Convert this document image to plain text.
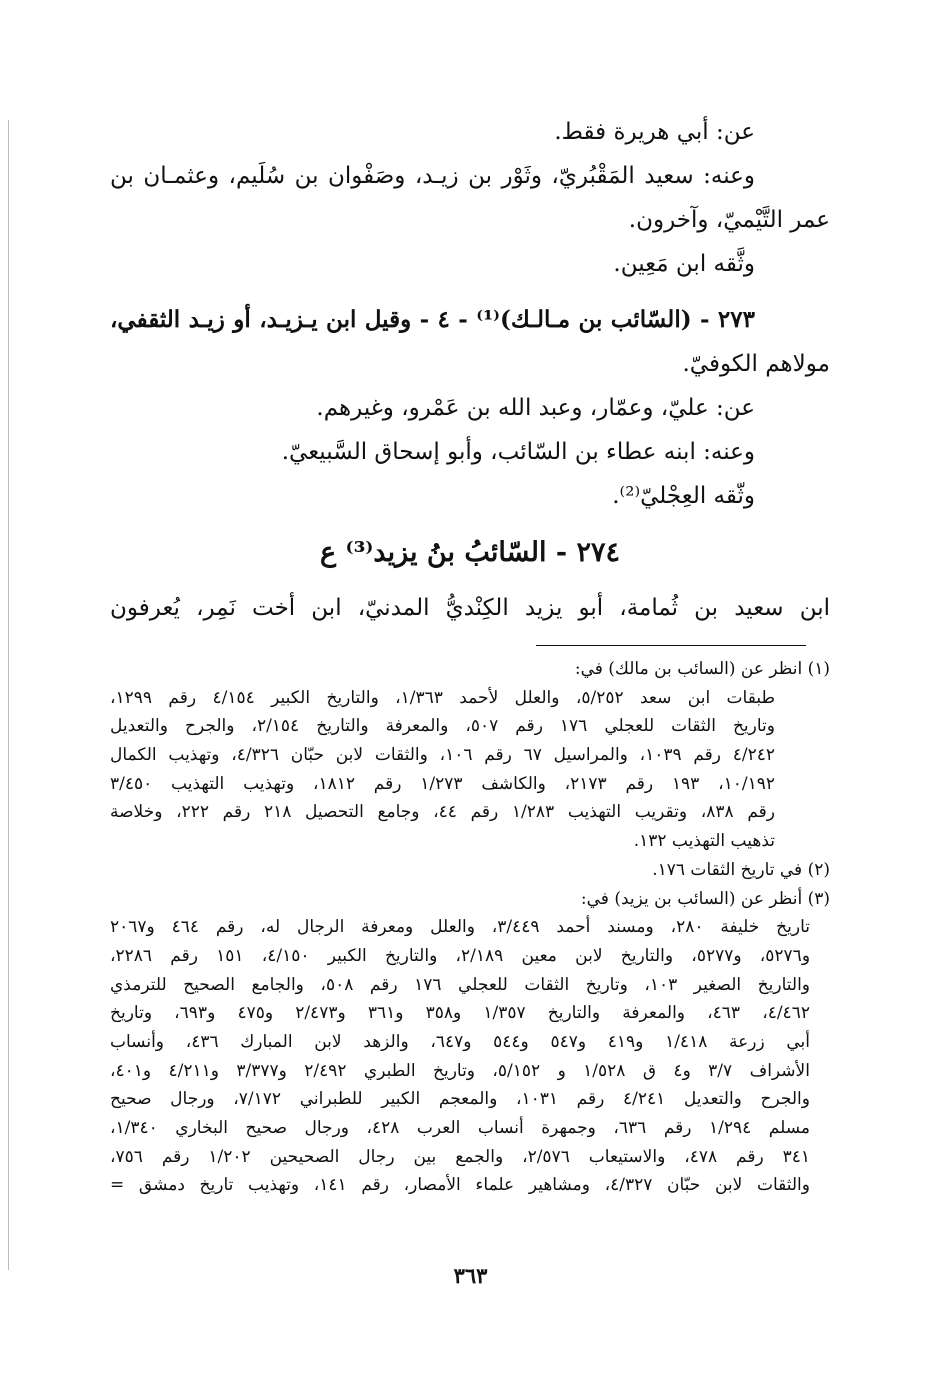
عن: أبي هريرة فقط.

وعنه: سعيد المَقْبُريّ، وثَوْر بن زيـد، وصَفْوان بن سُلَيم، وعثمـان بن

عمر التَّيْميّ، وآخرون.

وثَّقه ابن مَعِين.

٢٧٣ - (السّائب بن مـالـك)⁽¹⁾ - ٤ - وقيل ابن يـزيـد، أو زيـد الثقفي،

مولاهم الكوفيّ.

عن: عليّ، وعمّار، وعبد الله بن عَمْرو، وغيرهم.

وعنه: ابنه عطاء بن السّائب، وأبو إسحاق السَّبيعيّ.

وثّقه العِجْليّ⁽²⁾.

٢٧٤ - السّائبُ بنُ يزيد⁽³⁾ ع

ابن سعيد بن ثُمامة، أبو يزيد الكِنْديُّ المدنيّ، ابن أخت نَمِر، يُعرفون

(١) انظر عن (السائب بن مالك) في:
طبقات ابن سعد ٥/٢٥٢، والعلل لأحمد ١/٣٦٣، والتاريخ الكبير ٤/١٥٤ رقم ١٢٩٩،
وتاريخ الثقات للعجلي ١٧٦ رقم ٥٠٧، والمعرفة والتاريخ ٢/١٥٤، والجرح والتعديل
٤/٢٤٢ رقم ١٠٣٩، والمراسيل ٦٧ رقم ١٠٦، والثقات لابن حبّان ٤/٣٢٦، وتهذيب الكمال
١٠/١٩٢، ١٩٣ رقم ٢١٧٣، والكاشف ١/٢٧٣ رقم ١٨١٢، وتهذيب التهذيب ٣/٤٥٠
رقم ٨٣٨، وتقريب التهذيب ١/٢٨٣ رقم ٤٤، وجامع التحصيل ٢١٨ رقم ٢٢٢، وخلاصة
تذهيب التهذيب ١٣٢.
(٢) في تاريخ الثقات ١٧٦.
(٣) أنظر عن (السائب بن يزيد) في:
تاريخ خليفة ٢٨٠، ومسند أحمد ٣/٤٤٩، والعلل ومعرفة الرجال له، رقم ٤٦٤ و٢٠٦٧
و٥٢٧٦، و٥٢٧٧، والتاريخ لابن معين ٢/١٨٩، والتاريخ الكبير ٤/١٥٠، ١٥١ رقم ٢٢٨٦،
والتاريخ الصغير ١٠٣، وتاريخ الثقات للعجلي ١٧٦ رقم ٥٠٨، والجامع الصحيح للترمذي
٤/٤٦٢، ٤٦٣، والمعرفة والتاريخ ١/٣٥٧ و٣٥٨ و٣٦١ و٢/٤٧٣ و٤٧٥ و٦٩٣، وتاريخ
أبي زرعة ١/٤١٨ و٤١٩ و٥٤٧ و٥٤٤ و٦٤٧، والزهد لابن المبارك ٤٣٦، وأنساب
الأشراف ٣/٧ و٤ ق ١/٥٢٨ و ٥/١٥٢، وتاريخ الطبري ٢/٤٩٢ و٣/٣٧٧ و٤/٢١١ و٤٠١،
والجرح والتعديل ٤/٢٤١ رقم ١٠٣١، والمعجم الكبير للطبراني ٧/١٧٢، ورجال صحيح
مسلم ١/٢٩٤ رقم ٦٣٦، وجمهرة أنساب العرب ٤٢٨، ورجال صحيح البخاري ١/٣٤٠،
٣٤١ رقم ٤٧٨، والاستيعاب ٢/٥٧٦، والجمع بين رجال الصحيحين ١/٢٠٢ رقم ٧٥٦،
والثقات لابن حبّان ٤/٣٢٧، ومشاهير علماء الأمصار، رقم ١٤١، وتهذيب تاريخ دمشق =
٣٦٣
